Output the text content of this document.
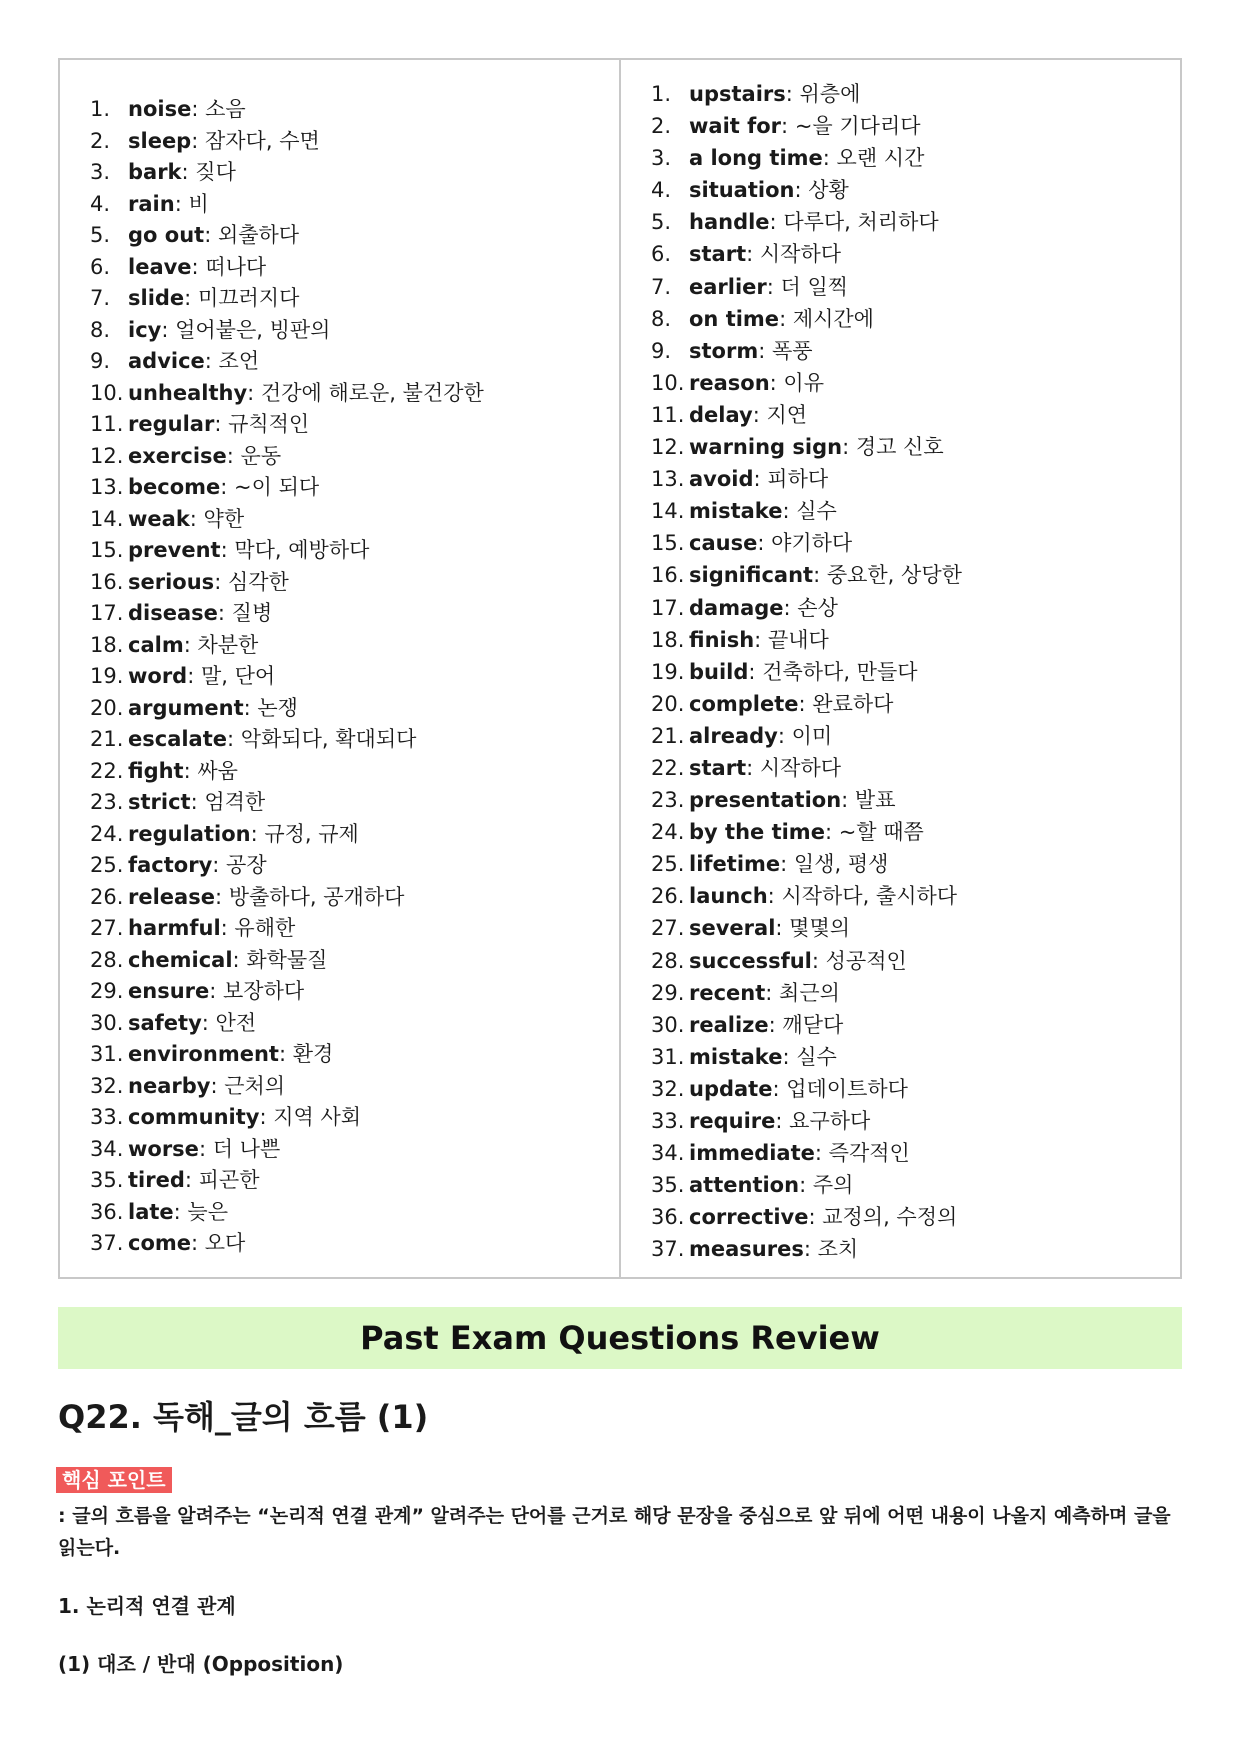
1. noise: 소음
2. sleep: 잠자다, 수면
3. bark: 짖다
4. rain: 비
5. go out: 외출하다
6. leave: 떠나다
7. slide: 미끄러지다
8. icy: 얼어붙은, 빙판의
9. advice: 조언
10. unhealthy: 건강에 해로운, 불건강한
11. regular: 규칙적인
12. exercise: 운동
13. become: ~이 되다
14. weak: 약한
15. prevent: 막다, 예방하다
16. serious: 심각한
17. disease: 질병
18. calm: 차분한
19. word: 말, 단어
20. argument: 논쟁
21. escalate: 악화되다, 확대되다
22. fight: 싸움
23. strict: 엄격한
24. regulation: 규정, 규제
25. factory: 공장
26. release: 방출하다, 공개하다
27. harmful: 유해한
28. chemical: 화학물질
29. ensure: 보장하다
30. safety: 안전
31. environment: 환경
32. nearby: 근처의
33. community: 지역 사회
34. worse: 더 나쁜
35. tired: 피곤한
36. late: 늦은
37. come: 오다
1. upstairs: 위층에
2. wait for: ~을 기다리다
3. a long time: 오랜 시간
4. situation: 상황
5. handle: 다루다, 처리하다
6. start: 시작하다
7. earlier: 더 일찍
8. on time: 제시간에
9. storm: 폭풍
10. reason: 이유
11. delay: 지연
12. warning sign: 경고 신호
13. avoid: 피하다
14. mistake: 실수
15. cause: 야기하다
16. significant: 중요한, 상당한
17. damage: 손상
18. finish: 끝내다
19. build: 건축하다, 만들다
20. complete: 완료하다
21. already: 이미
22. start: 시작하다
23. presentation: 발표
24. by the time: ~할 때쯤
25. lifetime: 일생, 평생
26. launch: 시작하다, 출시하다
27. several: 몇몇의
28. successful: 성공적인
29. recent: 최근의
30. realize: 깨닫다
31. mistake: 실수
32. update: 업데이트하다
33. require: 요구하다
34. immediate: 즉각적인
35. attention: 주의
36. corrective: 교정의, 수정의
37. measures: 조치
Past Exam Questions Review
Q22. 독해_글의 흐름 (1)
핵심 포인트

: 글의 흐름을 알려주는 “논리적 연결 관계” 알려주는 단어를 근거로 해당 문장을 중심으로 앞 뒤에 어떤 내용이 나올지 예측하며 글을 읽는다.

1. 논리적 연결 관계

(1) 대조 / 반대 (Opposition)
